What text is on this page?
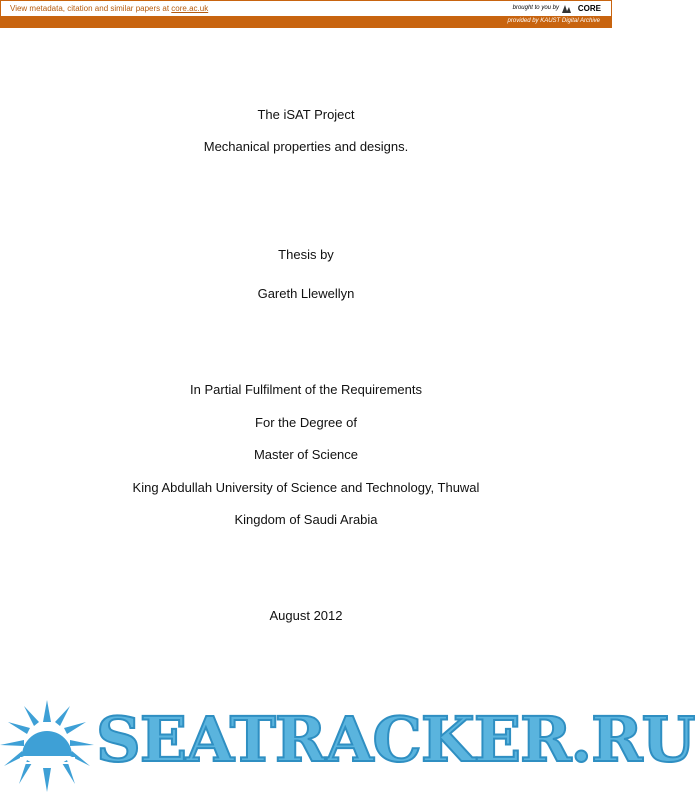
View metadata, citation and similar papers at core.ac.uk	brought to you by CORE
provided by KAUST Digital Archive
The iSAT Project
Mechanical properties and designs.
Thesis by
Gareth Llewellyn
In Partial Fulfilment of the Requirements
For the Degree of
Master of Science
King Abdullah University of Science and Technology, Thuwal
Kingdom of Saudi Arabia
August 2012
SEATRACKER.RU
